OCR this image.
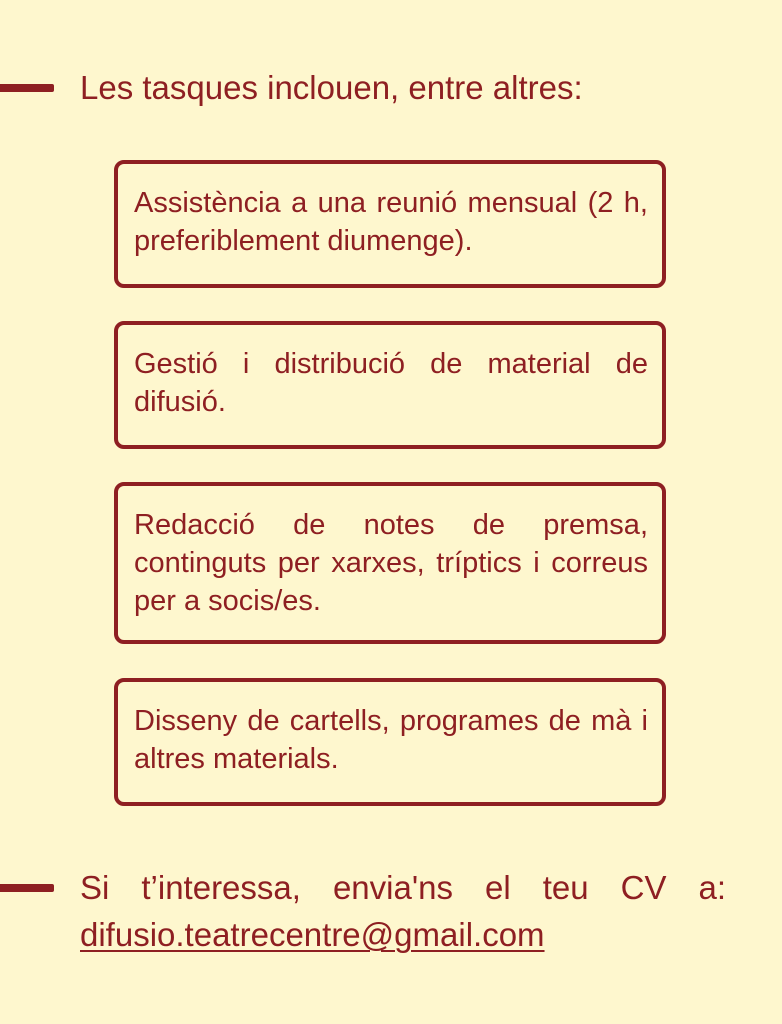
Les tasques inclouen, entre altres:
Assistència a una reunió mensual (2 h, preferiblement diumenge).
Gestió i distribució de material de difusió.
Redacció de notes de premsa, continguts per xarxes, tríptics i correus per a socis/es.
Disseny de cartells, programes de mà i altres materials.
Si t’interessa, envia'ns el teu CV a:
difusio.teatrecentre@gmail.com
